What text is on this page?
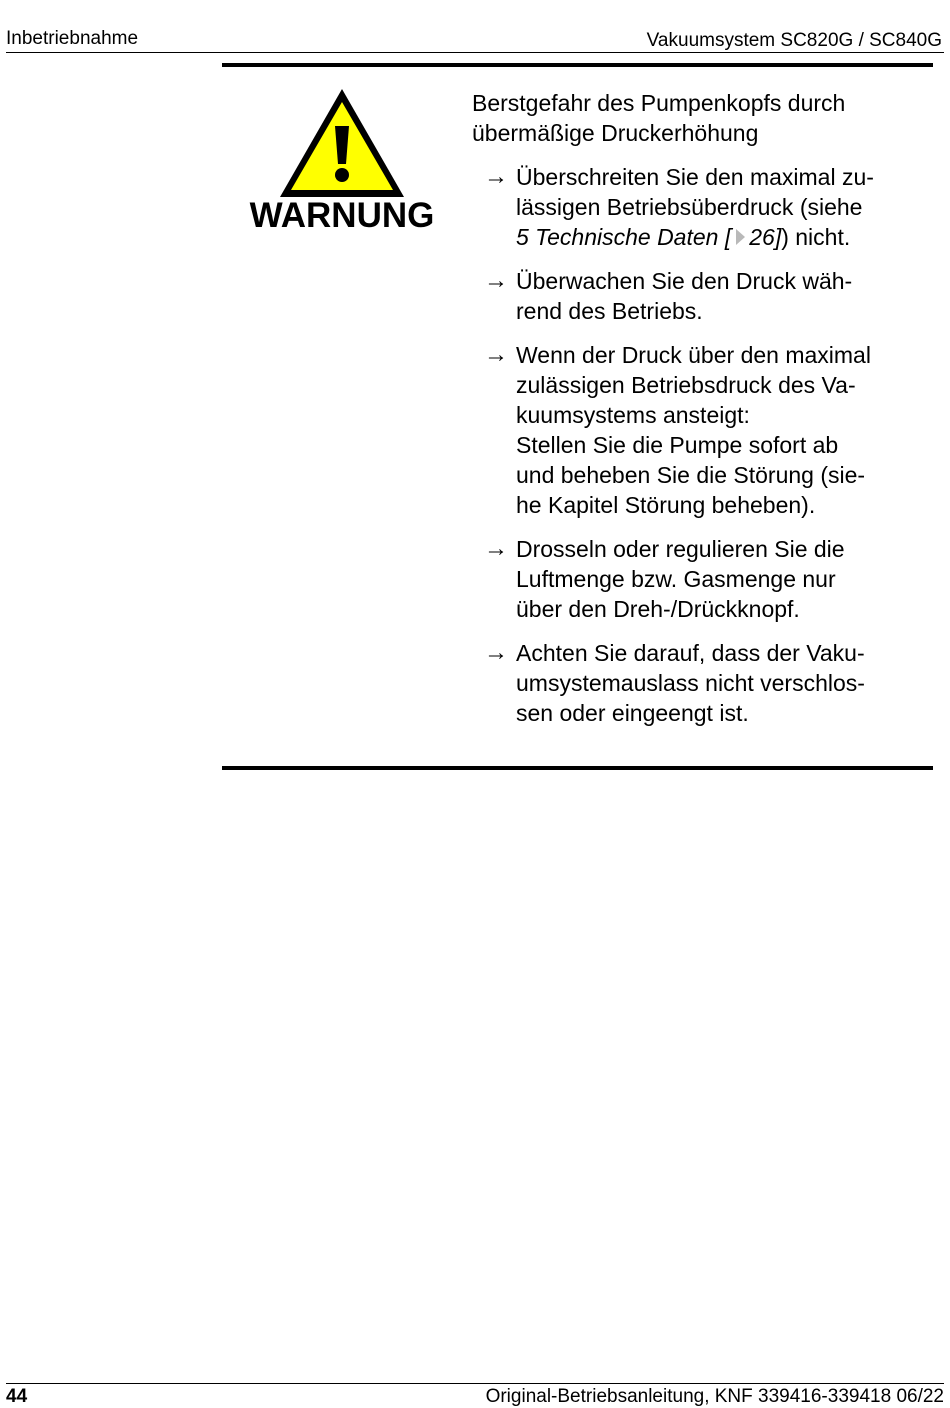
Inbetriebnahme	Vakuumsystem SC820G / SC840G
WARNUNG
Berstgefahr des Pumpenkopfs durch
übermäßige Druckerhöhung
→ Überschreiten Sie den maximal zu-
lässigen Betriebsüberdruck (siehe
5 Technische Daten [ 26]) nicht.
→ Überwachen Sie den Druck wäh-
rend des Betriebs.
→ Wenn der Druck über den maximal
zulässigen Betriebsdruck des Va-
kuumsystems ansteigt:
Stellen Sie die Pumpe sofort ab
und beheben Sie die Störung (sie-
he Kapitel Störung beheben).
→ Drosseln oder regulieren Sie die
Luftmenge bzw. Gasmenge nur
über den Dreh-/Drückknopf.
→ Achten Sie darauf, dass der Vaku-
umsystemauslass nicht verschlos-
sen oder eingeengt ist.
44	Original-Betriebsanleitung, KNF 339416-339418 06/22
